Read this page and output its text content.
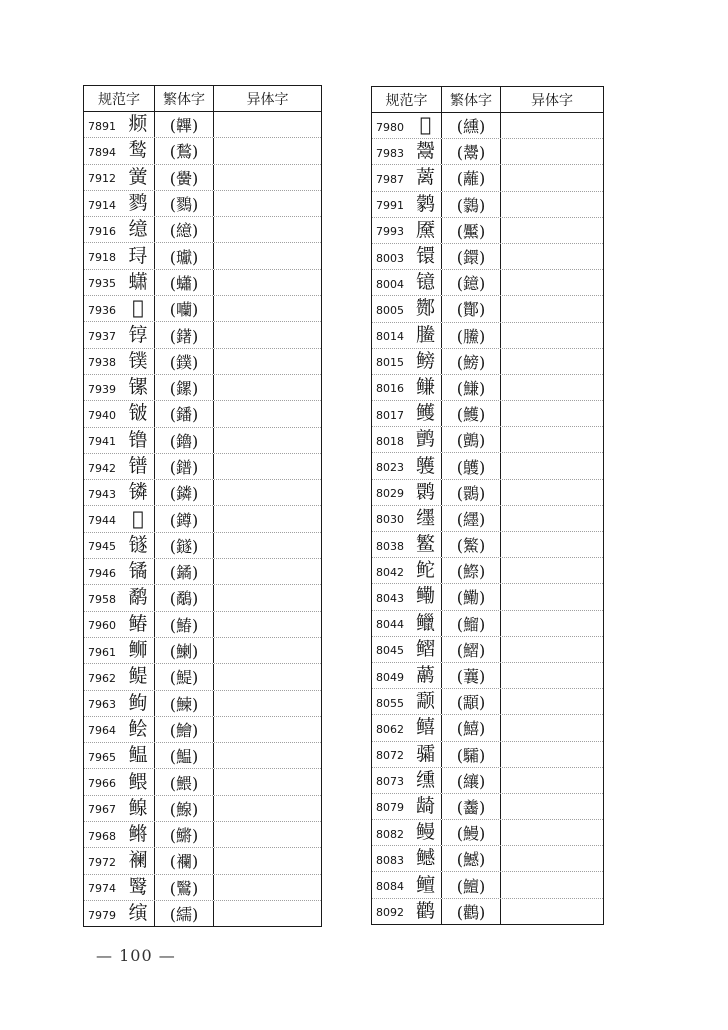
规范字	繁体字	异体字
7891 𫖯	(韠)
7894 鹙	(鶖)
7912 黉	(黌)
7914 鹨	(鷚)
7916 𫄷	(繶)
7918 𬍤	(瓛)
7935 蟏	(蠨)
7936 𪢠	(囒)
7937 𬭚	(鐯)
7938 镤	(鏷)
7939 镙	(鏍)
7940 𬭛	(鐇)
7941 镥	(鑥)
7942 镨	(鐠)
7943 𬭸	(鏻)
7944 𬭻	(鐏)
7945 𬭼	(鐩)
7946 𫔎	(鐍)
7958 鹬	(鷸)
7960 䲠	(鰆)
7961 𫚕	(鯻)
7962 鳀	(鯷)
7963 𬶋	(鰊)
7964 鲙	(鱠)
7965 鳁	(鰛)
7966 鳂	(鰃)
7967 鳈	(鰁)
7968 鳉	(鱂)
7972 襕	(襴)
7974 鹥	(鷖)
7979 𬙂	(繻)
规范字	繁体字	异体字
7980 𫄹	(纁)
7983 鬶	(鬹)
7987 蓠	(蘺)
7991 鹲	(鸏)
7993 黡	(黶)
8003 镮	(鐶)
8004 镱	(鐿)
8005 酂	(酇)
8014 䲢	(鰧)
8015 鳑	(鰟)
8016 鳒	(鰜)
8017 鳠	(鱯)
8018 鹯	(鸇)
8023 鹱	(鸌)
8029 鹮	(䴉)
8030 𬙊	(纆)
8038 鳘	(鰵)
8042 𬶍	(鰶)
8043 鳓	(鰳)
8044 𫚭	(鰡)
8045 鳛	(鰼)
8049 𬟁	(蘘)
8055 颥	(顬)
8062 𬶮	(鱚)
8072 骦	(驦)
8073 𫄸	(纕)
8079 𬺈	(齹)
8082 鳗	(鰻)
8083 鳡	(鱤)
8084 鳣	(鱣)
8092 鹳	(鸛)
— 100 —
